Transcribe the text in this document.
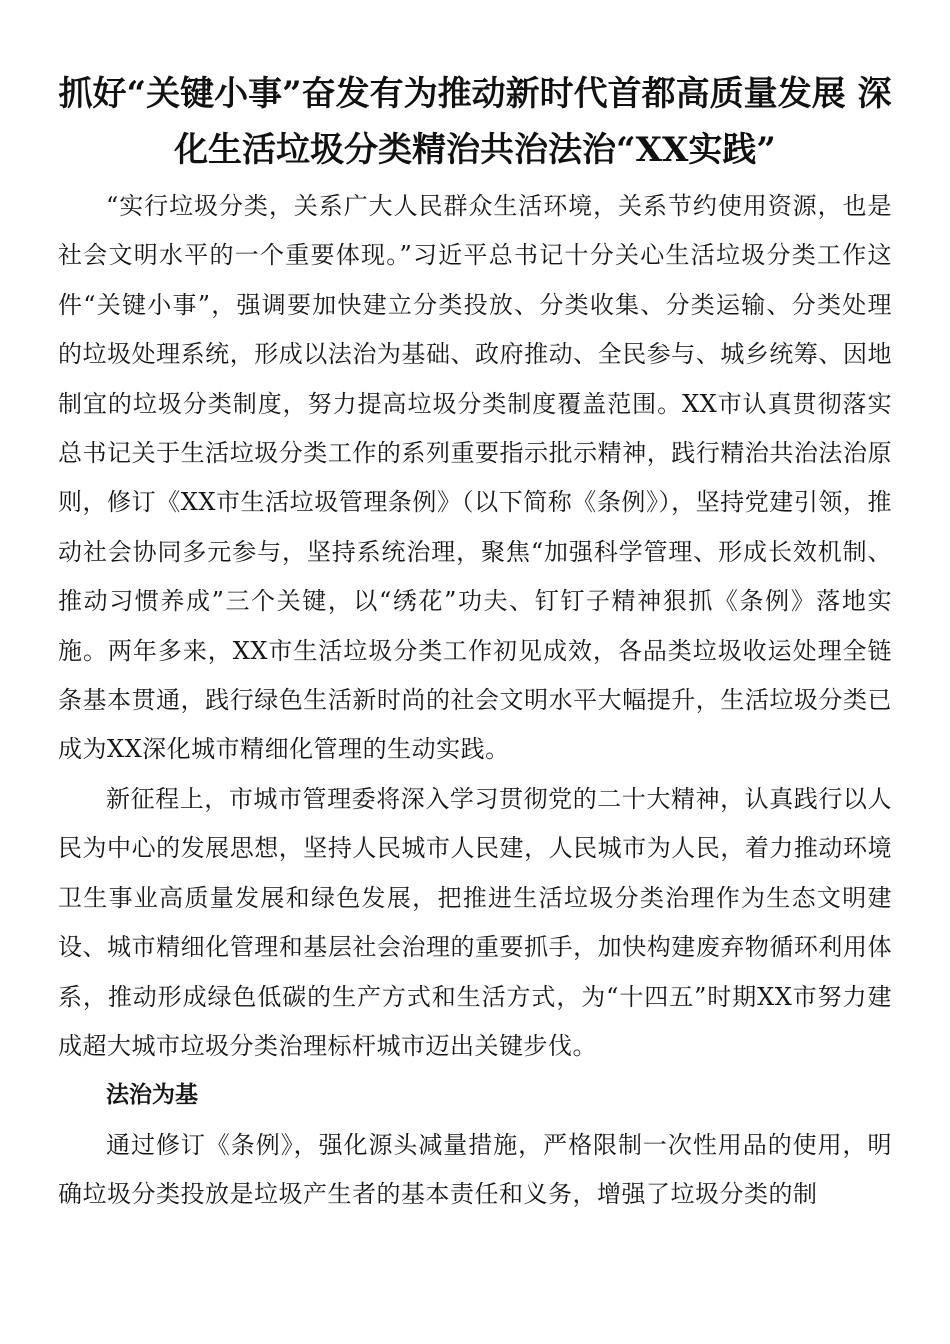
抓好“关键小事”奋发有为推动新时代首都高质量发展 深化生活垃圾分类精治共治法治“XX实践”

“实行垃圾分类，关系广大人民群众生活环境，关系节约使用资源，也是社会文明水平的一个重要体现。”习近平总书记十分关心生活垃圾分类工作这件“关键小事”，强调要加快建立分类投放、分类收集、分类运输、分类处理的垃圾处理系统，形成以法治为基础、政府推动、全民参与、城乡统筹、因地制宜的垃圾分类制度，努力提高垃圾分类制度覆盖范围。XX市认真贯彻落实总书记关于生活垃圾分类工作的系列重要指示批示精神，践行精治共治法治原则，修订《XX市生活垃圾管理条例》（以下简称《条例》），坚持党建引领，推动社会协同多元参与，坚持系统治理，聚焦“加强科学管理、形成长效机制、推动习惯养成”三个关键，以“绣花”功夫、钉钉子精神狠抓《条例》落地实施。两年多来，XX市生活垃圾分类工作初见成效，各品类垃圾收运处理全链条基本贯通，践行绿色生活新时尚的社会文明水平大幅提升，生活垃圾分类已成为XX深化城市精细化管理的生动实践。

新征程上，市城市管理委将深入学习贯彻党的二十大精神，认真践行以人民为中心的发展思想，坚持人民城市人民建，人民城市为人民，着力推动环境卫生事业高质量发展和绿色发展，把推进生活垃圾分类治理作为生态文明建设、城市精细化管理和基层社会治理的重要抓手，加快构建废弃物循环利用体系，推动形成绿色低碳的生产方式和生活方式，为“十四五”时期XX市努力建成超大城市垃圾分类治理标杆城市迈出关键步伐。

法治为基

通过修订《条例》，强化源头减量措施，严格限制一次性用品的使用，明确垃圾分类投放是垃圾产生者的基本责任和义务，增强了垃圾分类的制
